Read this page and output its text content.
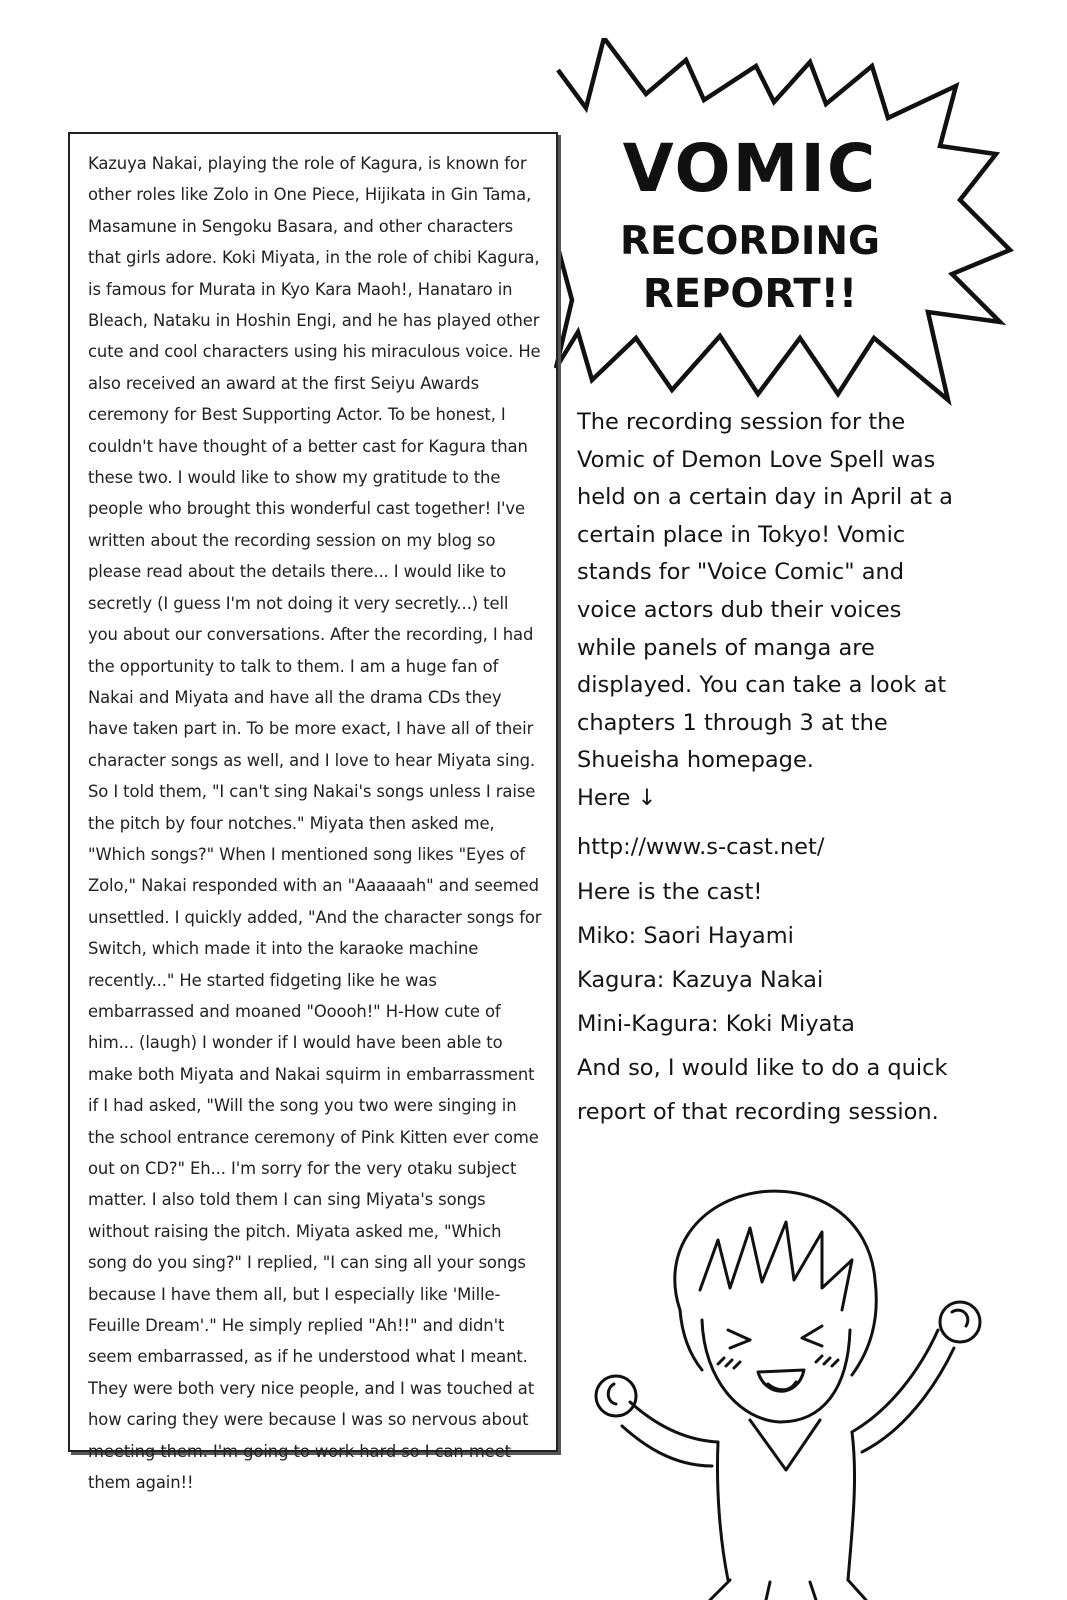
VOMIC
RECORDING
REPORT!!

Kazuya Nakai, playing the role of Kagura, is known for other roles like Zolo in One Piece, Hijikata in Gin Tama, Masamune in Sengoku Basara, and other characters that girls adore. Koki Miyata, in the role of chibi Kagura, is famous for Murata in Kyo Kara Maoh!, Hanataro in Bleach, Nataku in Hoshin Engi, and he has played other cute and cool characters using his miraculous voice. He also received an award at the first Seiyu Awards ceremony for Best Supporting Actor. To be honest, I couldn't have thought of a better cast for Kagura than these two. I would like to show my gratitude to the people who brought this wonderful cast together! I've written about the recording session on my blog so please read about the details there... I would like to secretly (I guess I'm not doing it very secretly...) tell you about our conversations. After the recording, I had the opportunity to talk to them. I am a huge fan of Nakai and Miyata and have all the drama CDs they have taken part in. To be more exact, I have all of their character songs as well, and I love to hear Miyata sing. So I told them, "I can't sing Nakai's songs unless I raise the pitch by four notches." Miyata then asked me, "Which songs?" When I mentioned song likes "Eyes of Zolo," Nakai responded with an "Aaaaaah" and seemed unsettled. I quickly added, "And the character songs for Switch, which made it into the karaoke machine recently..." He started fidgeting like he was embarrassed and moaned "Ooooh!" H-How cute of him... (laugh) I wonder if I would have been able to make both Miyata and Nakai squirm in embarrassment if I had asked, "Will the song you two were singing in the school entrance ceremony of Pink Kitten ever come out on CD?" Eh... I'm sorry for the very otaku subject matter. I also told them I can sing Miyata's songs without raising the pitch. Miyata asked me, "Which song do you sing?" I replied, "I can sing all your songs because I have them all, but I especially like 'Mille-Feuille Dream'." He simply replied "Ah!!" and didn't seem embarrassed, as if he understood what I meant. They were both very nice people, and I was touched at how caring they were because I was so nervous about meeting them. I'm going to work hard so I can meet them again!!

The recording session for the Vomic of Demon Love Spell was held on a certain day in April at a certain place in Tokyo! Vomic stands for "Voice Comic" and voice actors dub their voices while panels of manga are displayed. You can take a look at chapters 1 through 3 at the Shueisha homepage.

Here ↓

http://www.s-cast.net/

Here is the cast!

Miko: Saori Hayami

Kagura: Kazuya Nakai

Mini-Kagura: Koki Miyata

And so, I would like to do a quick report of that recording session.
